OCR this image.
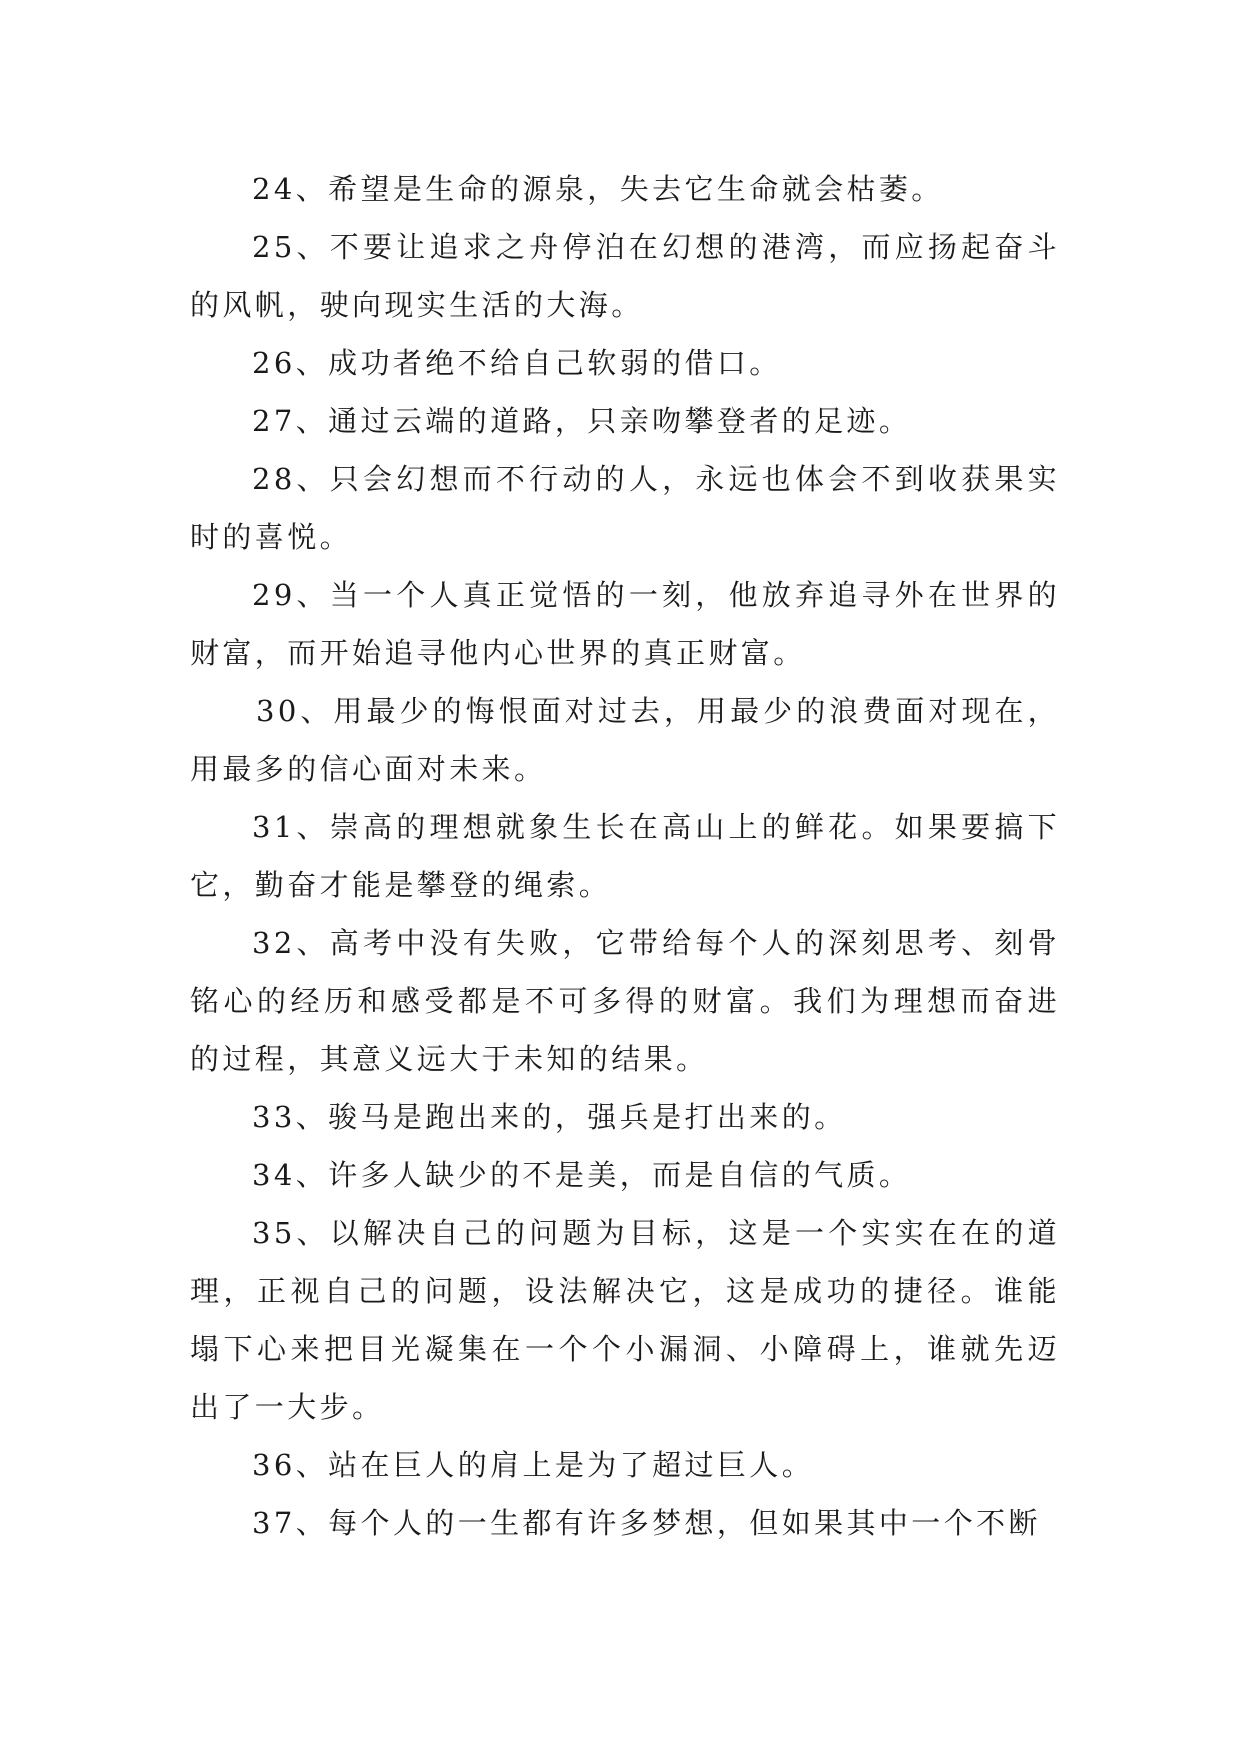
24、希望是生命的源泉，失去它生命就会枯萎。

25、不要让追求之舟停泊在幻想的港湾，而应扬起奋斗的风帆，驶向现实生活的大海。

26、成功者绝不给自己软弱的借口。

27、通过云端的道路，只亲吻攀登者的足迹。

28、只会幻想而不行动的人，永远也体会不到收获果实时的喜悦。

29、当一个人真正觉悟的一刻，他放弃追寻外在世界的财富，而开始追寻他内心世界的真正财富。

30、用最少的悔恨面对过去，用最少的浪费面对现在，用最多的信心面对未来。

31、崇高的理想就象生长在高山上的鲜花。如果要搞下它，勤奋才能是攀登的绳索。

32、高考中没有失败，它带给每个人的深刻思考、刻骨铭心的经历和感受都是不可多得的财富。我们为理想而奋进的过程，其意义远大于未知的结果。

33、骏马是跑出来的，强兵是打出来的。

34、许多人缺少的不是美，而是自信的气质。

35、以解决自己的问题为目标，这是一个实实在在的道理，正视自己的问题，设法解决它，这是成功的捷径。谁能塌下心来把目光凝集在一个个小漏洞、小障碍上，谁就先迈出了一大步。

36、站在巨人的肩上是为了超过巨人。

37、每个人的一生都有许多梦想，但如果其中一个不断
